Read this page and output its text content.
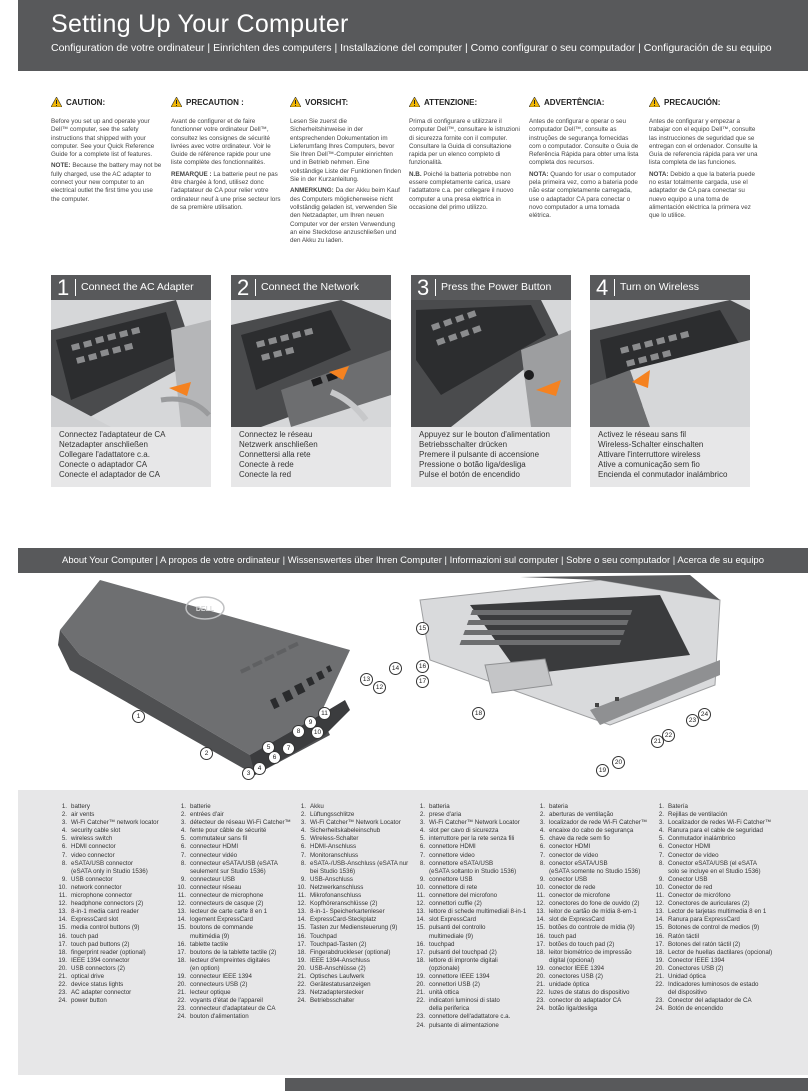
Setting Up Your Computer
Configuration de votre ordinateur | Einrichten des computers | Installazione del computer | Como configurar o seu computador | Configuración de su equipo
CAUTION:

Before you set up and operate your Dell™ computer, see the safety instructions that shipped with your computer. See your Quick Reference Guide for a complete list of features.

NOTE: Because the battery may not be fully charged, use the AC adapter to connect your new computer to an electrical outlet the first time you use the computer.

PRECAUTION :

Avant de configurer et de faire fonctionner votre ordinateur Dell™, consultez les consignes de sécurité livrées avec votre ordinateur. Voir le Guide de référence rapide pour une liste complète des fonctionnalités.

REMARQUE : La batterie peut ne pas être chargée à fond, utilisez donc l'adaptateur de CA pour relier votre ordinateur neuf à une prise secteur lors de sa première utilisation.

VORSICHT:

Lesen Sie zuerst die Sicherheitshinweise in der entsprechenden Dokumentation im Lieferumfang Ihres Computers, bevor Sie Ihren Dell™-Computer einrichten und in Betrieb nehmen. Eine vollständige Liste der Funktionen finden Sie in der Kurzanleitung.

ANMERKUNG: Da der Akku beim Kauf des Computers möglicherweise nicht vollständig geladen ist, verwenden Sie den Netzadapter, um Ihren neuen Computer vor der ersten Verwendung an eine Steckdose anzuschließen und den Akku zu laden.

ATTENZIONE:

Prima di configurare e utilizzare il computer Dell™, consultare le istruzioni di sicurezza fornite con il computer. Consultare la Guida di consultazione rapida per un elenco completo di funzionalità.

N.B. Poiché la batteria potrebbe non essere completamente carica, usare l'adattatore c.a. per collegare il nuovo computer a una presa elettrica in occasione del primo utilizzo.

ADVERTÊNCIA:

Antes de configurar e operar o seu computador Dell™, consulte as instruções de segurança fornecidas com o computador. Consulte o Guia de Referência Rápida para obter uma lista completa dos recursos.

NOTA: Quando for usar o computador pela primeira vez, como a bateria pode não estar completamente carregada, use o adaptador CA para conectar o novo computador a uma tomada elétrica.

PRECAUCIÓN:

Antes de configurar y empezar a trabajar con el equipo Dell™, consulte las instrucciones de seguridad que se entregan con el ordenador. Consulte la Guía de referencia rápida para ver una lista completa de las funciones.

NOTA: Debido a que la batería puede no estar totalmente cargada, use el adaptador de CA para conectar su nuevo equipo a una toma de alimentación eléctrica la primera vez que lo utilice.

1 Connect the AC Adapter
Connectez l'adaptateur de CA
Netzadapter anschließen
Collegare l'adattatore c.a.
Conecte o adaptador CA
Conecte el adaptador de CA
2 Connect the Network
Connectez le réseau
Netzwerk anschließen
Connettersi alla rete
Conecte à rede
Conecte la red
3 Press the Power Button
Appuyez sur le bouton d'alimentation
Betriebsschalter drücken
Premere il pulsante di accensione
Pressione o botão liga/desliga
Pulse el botón de encendido
4 Turn on Wireless
Activez le réseau sans fil
Wireless-Schalter einschalten
Attivare l'interruttore wireless
Ative a comunicação sem fio
Encienda el conmutador inalámbrico
About Your Computer | A propos de votre ordinateur | Wissenswertes über Ihren Computer | Informazioni sul computer | Sobre o seu computador | Acerca de su equipo
DELL
1
2
3
4
5
6
7
8
9
10
11
12
13
14
15
16
17
18
19
20
21
22
23
24
1. battery
2. air vents
3. Wi-Fi Catcher™ network locator
4. security cable slot
5. wireless switch
6. HDMI connector
7. video connector
8. eSATA/USB connector
(eSATA only in Studio 1536)
9. USB connector
10. network connector
11. microphone connector
12. headphone connectors (2)
13. 8-in-1 media card reader
14. ExpressCard slot
15. media control buttons (9)
16. touch pad
17. touch pad buttons (2)
18. fingerprint reader (optional)
19. IEEE 1394 connector
20. USB connectors (2)
21. optical drive
22. device status lights
23. AC adapter connector
24. power button
1. batterie
2. entrées d'air
3. détecteur de réseau Wi-Fi Catcher™
4. fente pour câble de sécurité
5. commutateur sans fil
6. connecteur HDMI
7. connecteur vidéo
8. connecteur eSATA/USB (eSATA
seulement sur Studio 1536)
9. connecteur USB
10. connecteur réseau
11. connecteur de microphone
12. connecteurs de casque (2)
13. lecteur de carte carte 8 en 1
14. logement ExpressCard
15. boutons de commande
multimédia (9)
16. tablette tactile
17. boutons de la tablette tactile (2)
18. lecteur d'empreintes digitales
(en option)
19. connecteur IEEE 1394
20. connecteurs USB (2)
21. lecteur optique
22. voyants d'état de l'appareil
23. connecteur d'adaptateur de CA
24. bouton d'alimentation
1. Akku
2. Lüftungsschlitze
3. Wi-Fi Catcher™ Network Locator
4. Sicherheitskabeleinschub
5. Wireless-Schalter
6. HDMI-Anschluss
7. Monitoranschluss
8. eSATA-/USB-Anschluss (eSATA nur
bei Studio 1536)
9. USB-Anschluss
10. Netzwerkanschluss
11. Mikrofonanschluss
12. Kopfhöreranschlüsse (2)
13. 8-in-1- Speicherkartenleser
14. ExpressCard-Steckplatz
15. Tasten zur Mediensteuerung (9)
16. Touchpad
17. Touchpad-Tasten (2)
18. Fingerabdruckleser (optional)
19. IEEE 1394-Anschluss
20. USB-Anschlüsse (2)
21. Optisches Laufwerk
22. Gerätestatusanzeigen
23. Netzadapterstecker
24. Betriebsschalter
1. batteria
2. prese d'aria
3. Wi-Fi Catcher™ Network Locator
4. slot per cavo di sicurezza
5. interruttore per la rete senza fili
6. connettore HDMI
7. connettore video
8. connettore eSATA/USB
(eSATA soltanto in Studio 1536)
9. connettore USB
10. connettore di rete
11. connettore del microfono
12. connettori cuffie (2)
13. lettore di schede multimediali 8-in-1
14. slot ExpressCard
15. pulsanti del controllo
multimediale (9)
16. touchpad
17. pulsanti del touchpad (2)
18. lettore di impronte digitali
(opzionale)
19. connettore IEEE 1394
20. connettori USB (2)
21. unità ottica
22. indicatori luminosi di stato
della periferica
23. connettore dell'adattatore c.a.
24. pulsante di alimentazione
1. bateria
2. aberturas de ventilação
3. localizador de rede Wi-Fi Catcher™
4. encaixe do cabo de segurança
5. chave da rede sem fio
6. conector HDMI
7. conector de vídeo
8. conector eSATA/USB
(eSATA somente no Studio 1536)
9. conector USB
10. conector de rede
11. conector de microfone
12. conectores do fone de ouvido (2)
13. leitor de cartão de mídia 8-em-1
14. slot de ExpressCard
15. botões do controle de mídia (9)
16. touch pad
17. botões do touch pad (2)
18. leitor biométrico de impressão
digital (opcional)
19. conector IEEE 1394
20. conectores USB (2)
21. unidade óptica
22. luzes de status do dispositivo
23. conector do adaptador CA
24. botão liga/desliga
1. Batería
2. Rejillas de ventilación
3. Localizador de redes Wi-Fi Catcher™
4. Ranura para el cable de seguridad
5. Conmutador inalámbrico
6. Conector HDMI
7. Conector de vídeo
8. Conector eSATA/USB (el eSATA
solo se incluye en el Studio 1536)
9. Conector USB
10. Conector de red
11. Conector de micrófono
12. Conectores de auriculares (2)
13. Lector de tarjetas multimedia 8 en 1
14. Ranura para ExpressCard
15. Botones de control de medios (9)
16. Ratón táctil
17. Botones del ratón táctil (2)
18. Lector de huellas dactilares (opcional)
19. Conector IEEE 1394
20. Conectores USB (2)
21. Unidad óptica
22. Indicadores luminosos de estado
del dispositivo
23. Conector del adaptador de CA
24. Botón de encendido
